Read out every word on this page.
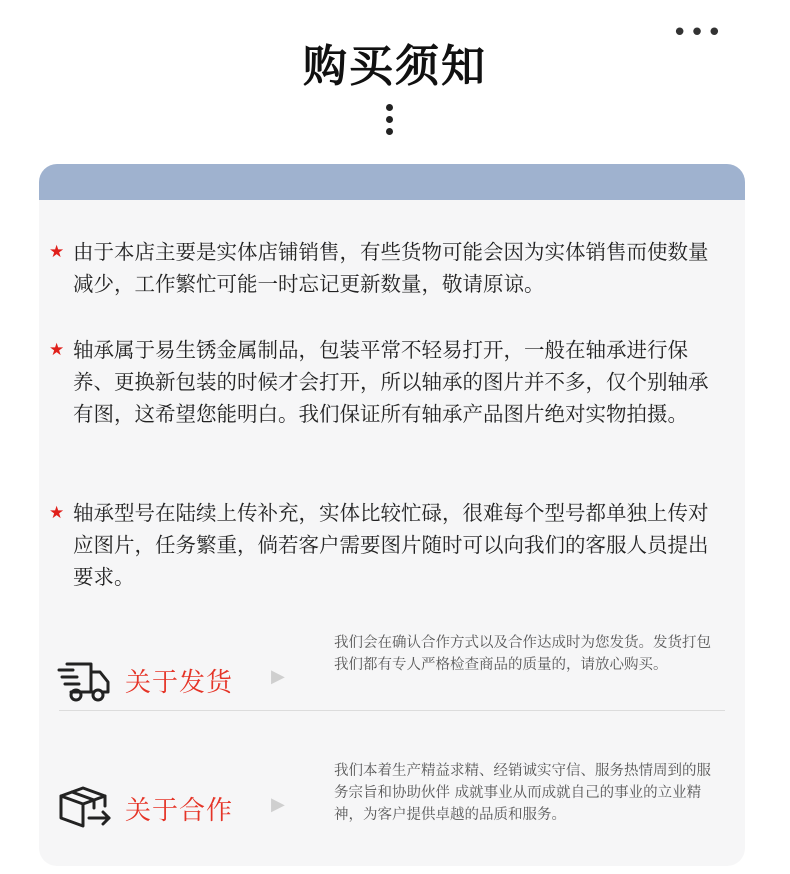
•••
购买须知
★ 由于本店主要是实体店铺销售，有些货物可能会因为实体销售而使数量减少，工作繁忙可能一时忘记更新数量，敬请原谅。
★ 轴承属于易生锈金属制品，包装平常不轻易打开，一般在轴承进行保养、更换新包装的时候才会打开，所以轴承的图片并不多，仅个别轴承有图，这希望您能明白。我们保证所有轴承产品图片绝对实物拍摄。
★ 轴承型号在陆续上传补充，实体比较忙碌，很难每个型号都单独上传对应图片，任务繁重，倘若客户需要图片随时可以向我们的客服人员提出要求。
关于发货 ▶
我们会在确认合作方式以及合作达成时为您发货。发货打包我们都有专人严格检查商品的质量的，请放心购买。
关于合作 ▶
我们本着生产精益求精、经销诚实守信、服务热情周到的服务宗旨和协助伙伴 成就事业从而成就自己的事业的立业精神，为客户提供卓越的品质和服务。
